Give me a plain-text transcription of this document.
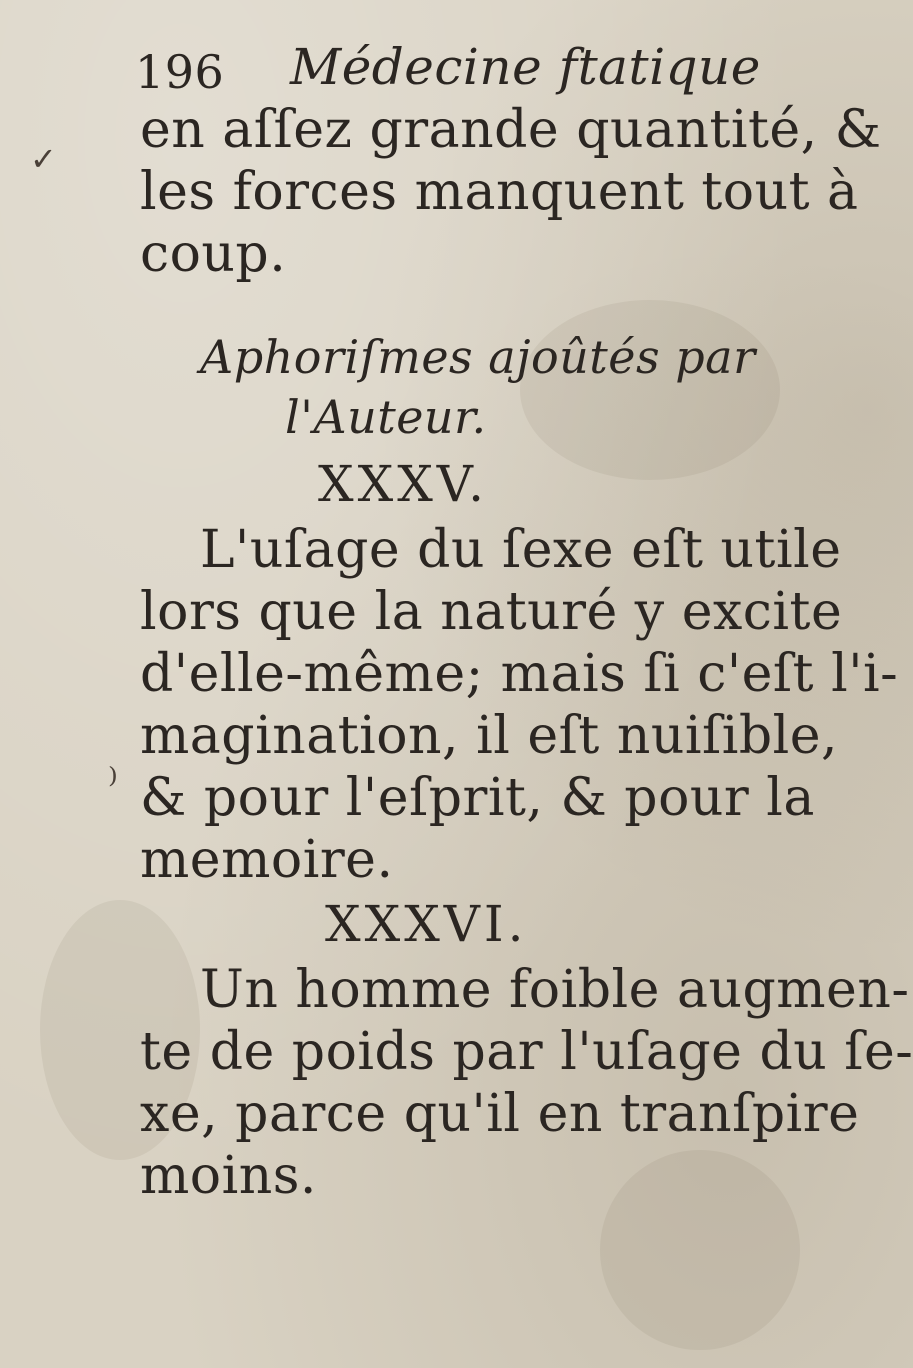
✓
⁾
196 Médecine ftatique
en aſſez grande quantité, &
les forces manquent tout à
coup.
Aphoriſmes ajoûtés par
l'Auteur.
XXXV.
L'uſage du ſexe eſt utile
lors que la naturé y excite
d'elle-même; mais ſi c'eſt l'i-
magination, il eſt nuiſible,
& pour l'eſprit, & pour la
memoire.
XXXVI.
Un homme foible augmen-
te de poids par l'uſage du ſe-
xe, parce qu'il en tranſpire
moins.
